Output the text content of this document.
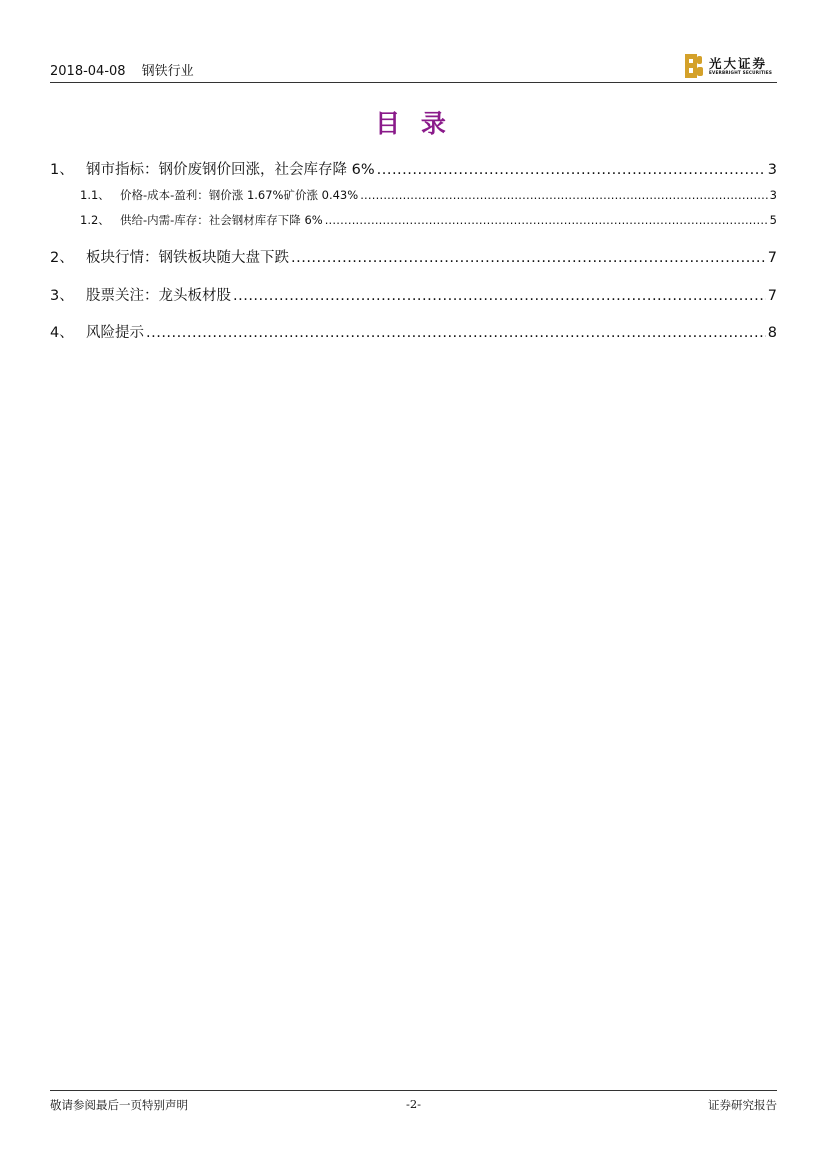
2018-04-08 钢铁行业
光大证券
EVERBRIGHT SECURITIES
目 录
1、 钢市指标：钢价废钢价回涨，社会库存降 6% .....	3
1.1、 价格-成本-盈利：钢价涨 1.67%矿价涨 0.43% .....	3
1.2、 供给-内需-库存：社会钢材库存下降 6% .....	5
2、 板块行情：钢铁板块随大盘下跌 .....	7
3、 股票关注：龙头板材股 .....	7
4、 风险提示 .....	8
敬请参阅最后一页特别声明	-2-	证券研究报告
